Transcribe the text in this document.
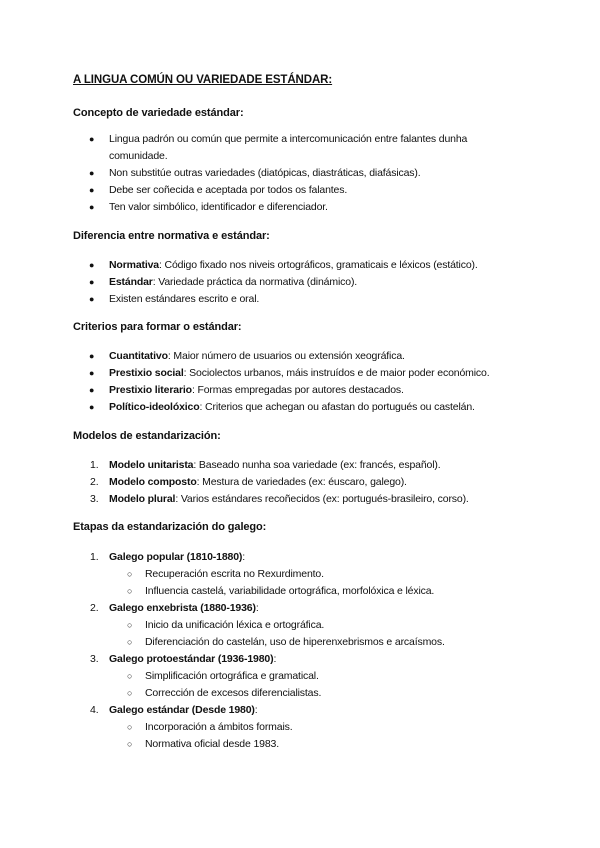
A LINGUA COMÚN OU VARIEDADE ESTÁNDAR:
Concepto de variedade estándar:
● Lingua padrón ou común que permite a intercomunicación entre falantes dunha
comunidade.
● Non substitúe outras variedades (diatópicas, diastráticas, diafásicas).
● Debe ser coñecida e aceptada por todos os falantes.
● Ten valor simbólico, identificador e diferenciador.
Diferencia entre normativa e estándar:
● Normativa: Código fixado nos niveis ortográficos, gramaticais e léxicos (estático).
● Estándar: Variedade práctica da normativa (dinámico).
● Existen estándares escrito e oral.
Criterios para formar o estándar:
● Cuantitativo: Maior número de usuarios ou extensión xeográfica.
● Prestixio social: Sociolectos urbanos, máis instruídos e de maior poder económico.
● Prestixio literario: Formas empregadas por autores destacados.
● Político-ideolóxico: Criterios que achegan ou afastan do portugués ou castelán.
Modelos de estandarización:
1. Modelo unitarista: Baseado nunha soa variedade (ex: francés, español).
2. Modelo composto: Mestura de variedades (ex: éuscaro, galego).
3. Modelo plural: Varios estándares recoñecidos (ex: portugués-brasileiro, corso).
Etapas da estandarización do galego:
1. Galego popular (1810-1880):
○ Recuperación escrita no Rexurdimento.
○ Influencia castelá, variabilidade ortográfica, morfolóxica e léxica.
2. Galego enxebrista (1880-1936):
○ Inicio da unificación léxica e ortográfica.
○ Diferenciación do castelán, uso de hiperenxebrismos e arcaísmos.
3. Galego protoestándar (1936-1980):
○ Simplificación ortográfica e gramatical.
○ Corrección de excesos diferencialistas.
4. Galego estándar (Desde 1980):
○ Incorporación a ámbitos formais.
○ Normativa oficial desde 1983.
